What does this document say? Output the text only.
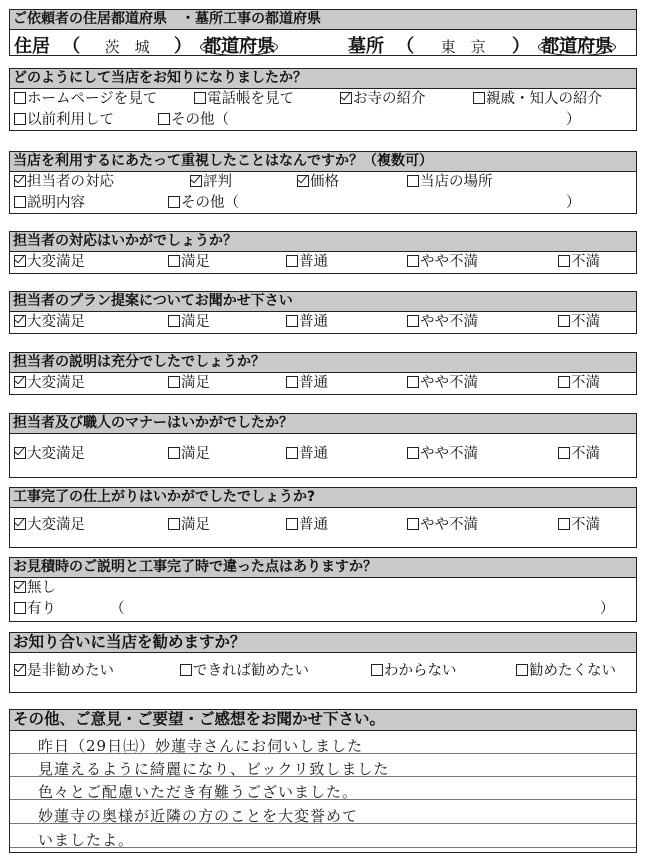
ご依頼者の住居都道府県　・墓所工事の都道府県
住居 （ 茨　城 ） 都道府県	墓所 （ 東　京 ） 都道府県
どのようにして当店をお知りになりましたか？
ホームページを見て	電話帳を見て	お寺の紹介	親戚・知人の紹介
以前利用して	その他（	）
当店を利用するにあたって重視したことはなんですか？（複数可）
担当者の対応	評判	価格	当店の場所
説明内容	その他（	）
担当者の対応はいかがでしょうか？
大変満足	満足	普通	やや不満	不満
担当者のプラン提案についてお聞かせ下さい
大変満足	満足	普通	やや不満	不満
担当者の説明は充分でしたでしょうか？
大変満足	満足	普通	やや不満	不満
担当者及び職人のマナーはいかがでしたか？
大変満足	満足	普通	やや不満	不満
工事完了の仕上がりはいかがでしたでしょうか?
大変満足	満足	普通	やや不満	不満
お見積時のご説明と工事完了時で違った点はありますか？
無し
有り	（	）
お知り合いに当店を勧めますか？
是非勧めたい	できれば勧めたい	わからない	勧めたくない
その他、ご意見・ご要望・ご感想をお聞かせ下さい。
昨日（29日㈯）妙蓮寺さんにお伺いしました
見違えるように綺麗になり、ビックリ致しました
色々とご配慮いただき有難うございました。
妙蓮寺の奥様が近隣の方のことを大変誉めて
いましたよ。
